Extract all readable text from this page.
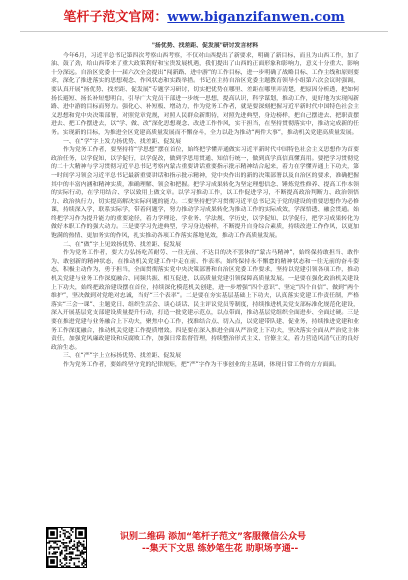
笔杆子范文官网：www.biganzifanwen.com

"扬优势、找差距、促发展"研讨发言材料

今年6月，习近平总书记第四次考察山西考察，不仅对山西提出了新要求，明确了新目标，而且为山西工作，加了油、鼓了劲，给山西带来了重大政策利好和宝贵发展机遇，我们提出了山西的正面形象和影响力，意义十分重大、影响十分深远。自治区党委十一届六次全会提出“闯新路、进中游”的工作目标，进一步明确了战略目标、工作主线和原则要求，深化了推进落实的思想观念、作风状态和实践举措。书记在主持自治区党委主题教育领导小组第六次会议时强调，要认真开展“扬优势、找差距、促发展”专题学习研讨，切实把优势在哪里、差距在哪里弄清楚，把原因分析透，把如何扬长避短、扬长补短想明白，引导广大党员干部进一步统一思想，提高认识，科学谋划，推动工作，更好地为实现闯新路、进中游的目标而努力。强化心、补短板、增动力，作为党务工作者，就是要深刻把握习近平新时代中国特色社会主义思想和党中央决策部署，对照党章党规，对照人民群众新期待，对照先进典型，身边榜样，把自己摆进去、把职责摆进去、把工作摆进去，以“学、做、改”深化思想观念、改进工作作风，实干担当，在坚持贯彻落实中，推动完成新的任务。实现新的目标，为推进全区党建高质量发展而不懈奋斗，全力以赴为推动“两件大事”，推动机关党建高质量发展。

一、在“学”字上发力扬优势、找差距、促发展

作为党务工作者，要坚持将“学思想”摆在首位，始终把学懂弄通做实习近平新时代中国特色社会主义思想作为首要政治任务，以学促知，以学促行，以学促改，做到学思用贯通、知信行统一，做到真学真信真懂真用。要把学习贯彻党的二十大精神与学习贯彻习近平总书记考察内蒙古重要讲话重要指示批示精神结合起来，着力在学懂弄通上下功夫，第一时间学习领会习近平总书记最新重要讲话和指示批示精神，党中央作出的新的决策部署以及自治区的要求，准确把握其中的丰富内涵和精神实质，准确理解、领会和把握。把学习成果转化为坚定理想信念、锤炼党性修养、提高工作本领的实际行动，在学用结合、学以致用上做文章。以学习推动工作，以工作促进学习，不断提高政治判断力、政治领悟力、政治执行力，切实提高解决实际问题的能力。二要坚持把学习贯彻习近平总书记关于党的建设的重要思想作为必修课，持续深入学，联系实际学，带着问题学，努力推动学习成果转化为推动工作的实际成效，学深悟透、融会贯通。始终把学习作为提升能力的重要途径，着力学理论、学业务、学法规、学历史，以学促知、以学促行，把学习成果转化为做好本职工作的强大动力。三是要学习先进典型，学习身边榜样，不断提升自身综合素质，持续改进工作作风，以更加饱满的热情、更加务实的作风，扎实推动各项工作落实落地见效，推动工作高质量发展。

二、在“做”字上见效扬优势、找差距、促发展

作为党务工作者，要大力弘扬吃苦耐劳、一往无前、不达目的决不罢休的“蒙古马精神”，始终保持敢担当、敢作为、敢创新的精神状态，在推动机关党建工作中走在前、作表率。始终保持永不懈怠的精神状态和一往无前的奋斗姿态，积极主动作为，勇于担当，全面贯彻落实党中央决策部署和自治区党委工作要求，坚持以党建引领各项工作，推动机关党建与业务工作深度融合、同频共振、相互促进，以高质量党建引领保障高质量发展。一是要在强化政治机关建设上下功夫，始终把政治建设摆在首位，持续深化模范机关创建，进一步增强“四个意识”、坚定“四个自信”、做到“两个维护”，坚决做到对党绝对忠诚，当好“三个表率”。二是要在夯实基层基础上下功夫，认真落实党建工作责任制，严格落实“三会一课”、主题党日、组织生活会、谈心谈话、民主评议党员等制度，持续推进机关党支部标准化规范化建设，深入开展基层党支部建设质量提升行动，打造一批党建示范点，以点带面，推动基层党组织全面进步、全面过硬。三是要在推进党建与业务融合上下功夫，聚焦中心工作，找准结合点、切入点，以党建带队建、促业务，持续推进党建和业务工作深度融合，推动机关党建工作提质增效。四是要在深入推进全面从严治党上下功夫，坚决落实全面从严治党主体责任，加强党风廉政建设和反腐败工作，加强日常监督管理，持续整治形式主义、官僚主义，着力营造风清气正的良好政治生态。

三、在“严”字上立标扬优势、找差距、促发展

作为党务工作者，要始终坚守党的纪律规矩，把“严”字作为干事创业的主基调，体现日常工作的方方面面。

识别二维码 添加“笔杆子范文”客服微信公众号
--集天下文思 练妙笔生花 助职场亨通--
